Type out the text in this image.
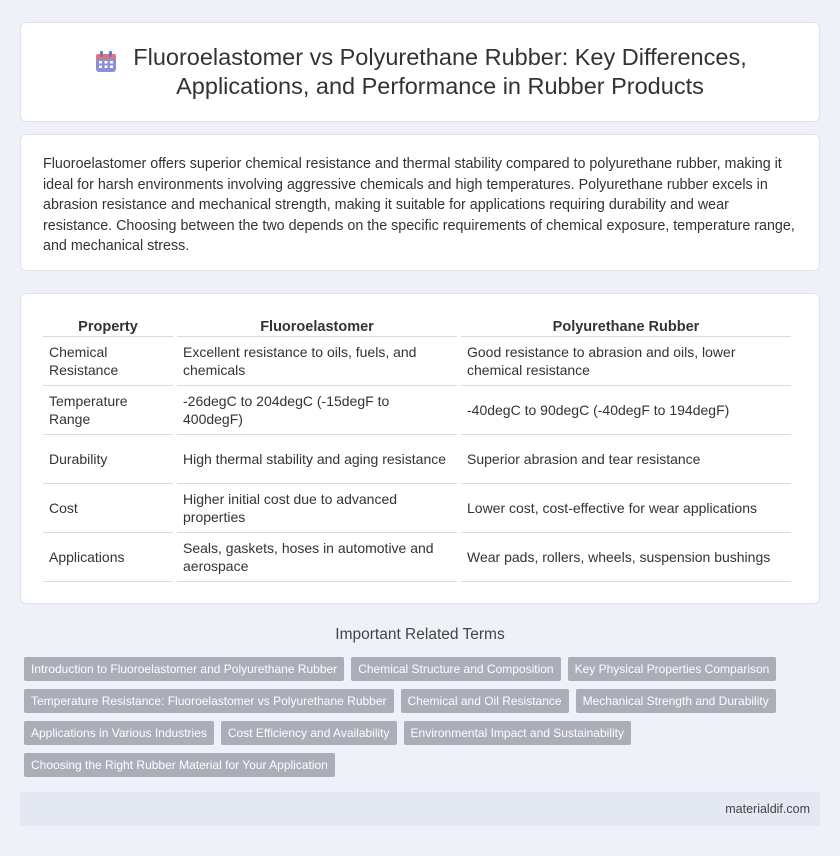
Fluoroelastomer vs Polyurethane Rubber: Key Differences,
Applications, and Performance in Rubber Products

Fluoroelastomer offers superior chemical resistance and thermal stability compared to polyurethane rubber, making it ideal for harsh environments involving aggressive chemicals and high temperatures. Polyurethane rubber excels in abrasion resistance and mechanical strength, making it suitable for applications requiring durability and wear resistance. Choosing between the two depends on the specific requirements of chemical exposure, temperature range, and mechanical stress.

Property	Fluoroelastomer	Polyurethane Rubber
Chemical Resistance	Excellent resistance to oils, fuels, and chemicals	Good resistance to abrasion and oils, lower chemical resistance
Temperature Range	-26degC to 204degC (-15degF to 400degF)	-40degC to 90degC (-40degF to 194degF)
Durability	High thermal stability and aging resistance	Superior abrasion and tear resistance
Cost	Higher initial cost due to advanced properties	Lower cost, cost-effective for wear applications
Applications	Seals, gaskets, hoses in automotive and aerospace	Wear pads, rollers, wheels, suspension bushings
Important Related Terms
Introduction to Fluoroelastomer and Polyurethane Rubber	Chemical Structure and Composition	Key Physical Properties Comparison
Temperature Resistance: Fluoroelastomer vs Polyurethane Rubber	Chemical and Oil Resistance	Mechanical Strength and Durability
Applications in Various Industries	Cost Efficiency and Availability	Environmental Impact and Sustainability
Choosing the Right Rubber Material for Your Application
materialdif.com
